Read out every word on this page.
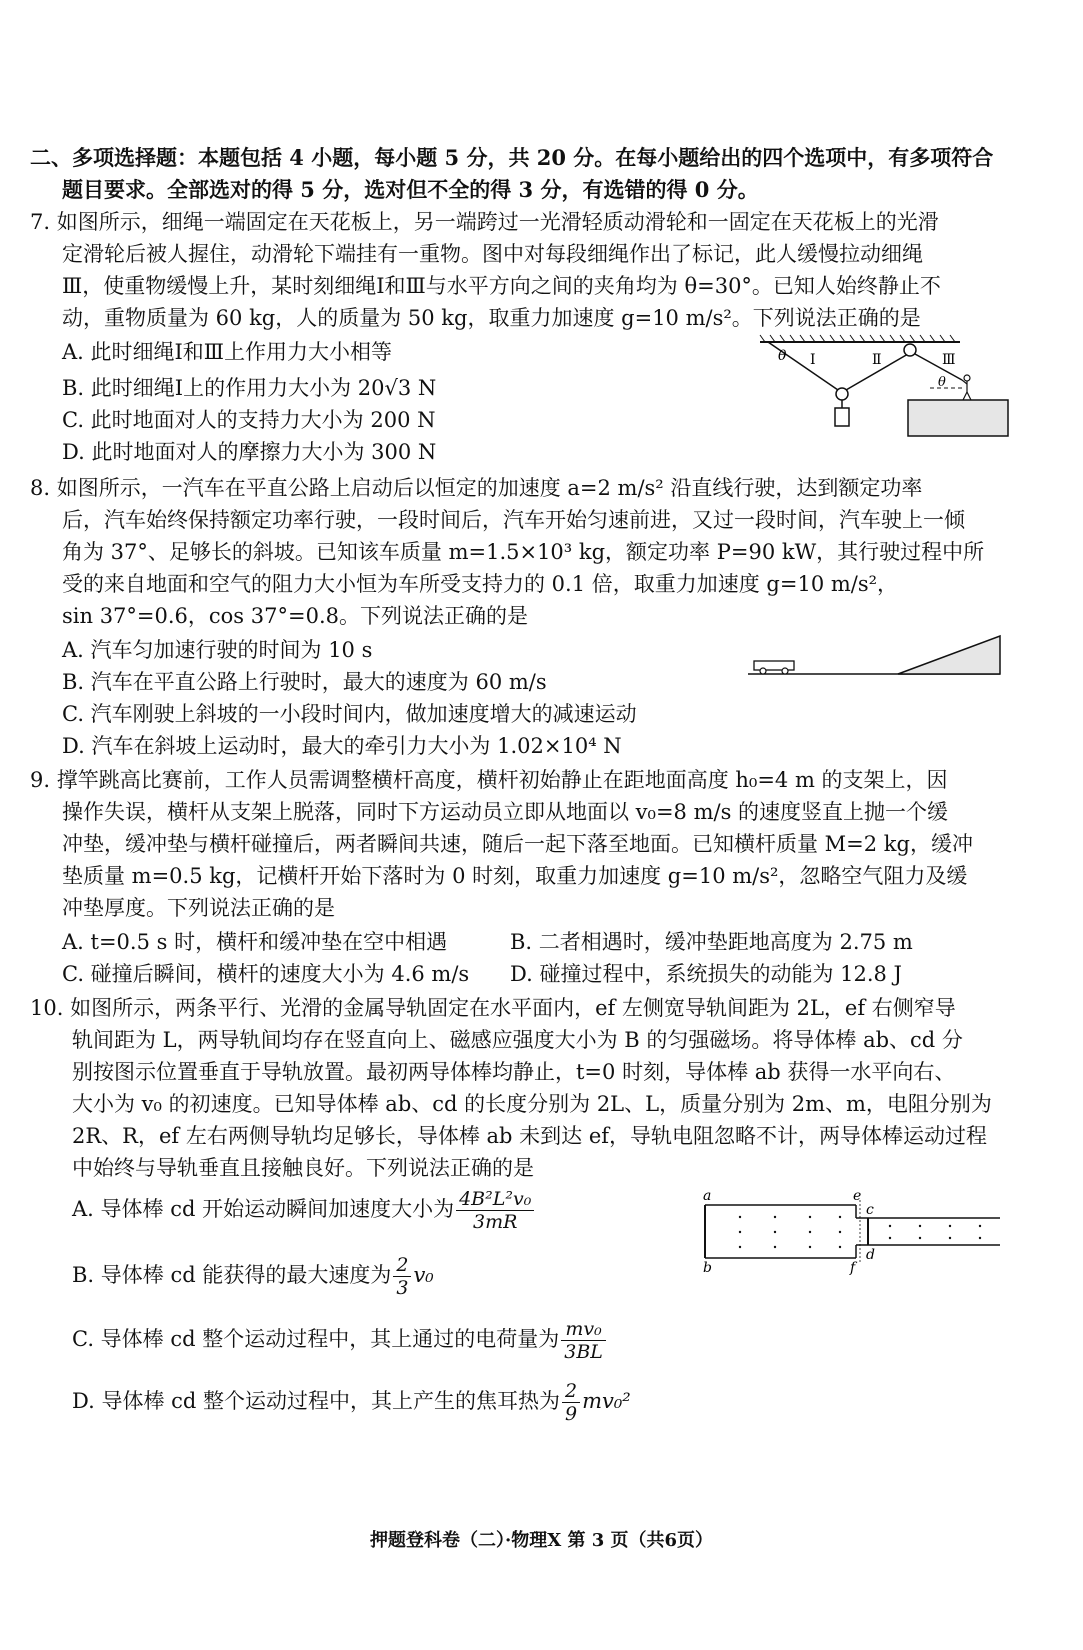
二、多项选择题：本题包括 4 小题，每小题 5 分，共 20 分。在每小题给出的四个选项中，有多项符合
题目要求。全部选对的得 5 分，选对但不全的得 3 分，有选错的得 0 分。
7. 如图所示，细绳一端固定在天花板上，另一端跨过一光滑轻质动滑轮和一固定在天花板上的光滑
定滑轮后被人握住，动滑轮下端挂有一重物。图中对每段细绳作出了标记，此人缓慢拉动细绳
Ⅲ，使重物缓慢上升，某时刻细绳Ⅰ和Ⅲ与水平方向之间的夹角均为 θ=30°。已知人始终静止不
动，重物质量为 60 kg，人的质量为 50 kg，取重力加速度 g=10 m/s²。下列说法正确的是
A. 此时细绳Ⅰ和Ⅲ上作用力大小相等
B. 此时细绳Ⅰ上的作用力大小为 20√3 N
C. 此时地面对人的支持力大小为 200 N
D. 此时地面对人的摩擦力大小为 300 N
θ Ⅰ	Ⅱ	Ⅲ
θ
8. 如图所示，一汽车在平直公路上启动后以恒定的加速度 a=2 m/s² 沿直线行驶，达到额定功率
后，汽车始终保持额定功率行驶，一段时间后，汽车开始匀速前进，又过一段时间，汽车驶上一倾
角为 37°、足够长的斜坡。已知该车质量 m=1.5×10³ kg，额定功率 P=90 kW，其行驶过程中所
受的来自地面和空气的阻力大小恒为车所受支持力的 0.1 倍，取重力加速度 g=10 m/s²，
sin 37°=0.6，cos 37°=0.8。下列说法正确的是
A. 汽车匀加速行驶的时间为 10 s
B. 汽车在平直公路上行驶时，最大的速度为 60 m/s
C. 汽车刚驶上斜坡的一小段时间内，做加速度增大的减速运动
D. 汽车在斜坡上运动时，最大的牵引力大小为 1.02×10⁴ N
9. 撑竿跳高比赛前，工作人员需调整横杆高度，横杆初始静止在距地面高度 h₀=4 m 的支架上，因
操作失误，横杆从支架上脱落，同时下方运动员立即从地面以 v₀=8 m/s 的速度竖直上抛一个缓
冲垫，缓冲垫与横杆碰撞后，两者瞬间共速，随后一起下落至地面。已知横杆质量 M=2 kg，缓冲
垫质量 m=0.5 kg，记横杆开始下落时为 0 时刻，取重力加速度 g=10 m/s²，忽略空气阻力及缓
冲垫厚度。下列说法正确的是
A. t=0.5 s 时，横杆和缓冲垫在空中相遇	B. 二者相遇时，缓冲垫距地高度为 2.75 m
C. 碰撞后瞬间，横杆的速度大小为 4.6 m/s D. 碰撞过程中，系统损失的动能为 12.8 J
10. 如图所示，两条平行、光滑的金属导轨固定在水平面内，ef 左侧宽导轨间距为 2L，ef 右侧窄导
轨间距为 L，两导轨间均存在竖直向上、磁感应强度大小为 B 的匀强磁场。将导体棒 ab、cd 分
别按图示位置垂直于导轨放置。最初两导体棒均静止，t=0 时刻，导体棒 ab 获得一水平向右、
大小为 v₀ 的初速度。已知导体棒 ab、cd 的长度分别为 2L、L，质量分别为 2m、m，电阻分别为
2R、R，ef 左右两侧导轨均足够长，导体棒 ab 未到达 ef，导轨电阻忽略不计，两导体棒运动过程
中始终与导轨垂直且接触良好。下列说法正确的是
A. 导体棒 cd 开始运动瞬间加速度大小为 $\frac{\text{4B²L²v₀}}{3mR}$
B. 导体棒 cd 能获得的最大速度为 $\frac{2}{3} v_0$
C. 导体棒 cd 整个运动过程中，其上通过的电荷量为 $\frac{\text{mv₀}}{3BL}$
D. 导体棒 cd 整个运动过程中，其上产生的焦耳热为 $\frac{2}{9} mv_0^2$
a
b
e
f
c
d
押题登科卷（二）·物理X 第 3 页（共6页）
